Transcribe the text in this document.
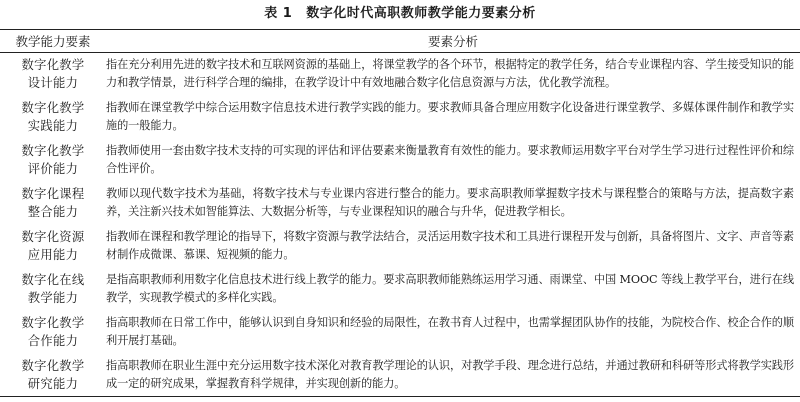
表 1 数字化时代高职教师教学能力要素分析
教学能力要素	要素分析
数字化教学
设计能力	指在充分利用先进的数字技术和互联网资源的基础上，将课堂教学的各个环节，根据特定的教学任务，结合专业课程内容、学生接受知识的能力和教学情景，进行科学合理的编排，在教学设计中有效地融合数字化信息资源与方法，优化教学流程。
数字化教学
实践能力	指教师在课堂教学中综合运用数字信息技术进行教学实践的能力。要求教师具备合理应用数字化设备进行课堂教学、多媒体课件制作和教学实施的一般能力。
数字化教学
评价能力	指教师使用一套由数字技术支持的可实现的评估和评估要素来衡量教育有效性的能力。要求教师运用数字平台对学生学习进行过程性评价和综合性评价。
数字化课程
整合能力	教师以现代数字技术为基础，将数字技术与专业课内容进行整合的能力。要求高职教师掌握数字技术与课程整合的策略与方法，提高数字素养，关注新兴技术如智能算法、大数据分析等，与专业课程知识的融合与升华，促进教学相长。
数字化资源
应用能力	指教师在课程和教学理论的指导下，将数字资源与教学法结合，灵活运用数字技术和工具进行课程开发与创新，具备将图片、文字、声音等素材制作成微课、慕课、短视频的能力。
数字化在线
教学能力	是指高职教师利用数字化信息技术进行线上教学的能力。要求高职教师能熟练运用学习通、雨课堂、中国 MOOC 等线上教学平台，进行在线教学，实现教学模式的多样化实践。
数字化教学
合作能力	指高职教师在日常工作中，能够认识到自身知识和经验的局限性，在教书育人过程中，也需掌握团队协作的技能，为院校合作、校企合作的顺利开展打基础。
数字化教学
研究能力	指高职教师在职业生涯中充分运用数字技术深化对教育教学理论的认识，对教学手段、理念进行总结，并通过教研和科研等形式将教学实践形成一定的研究成果，掌握教育科学规律，并实现创新的能力。
